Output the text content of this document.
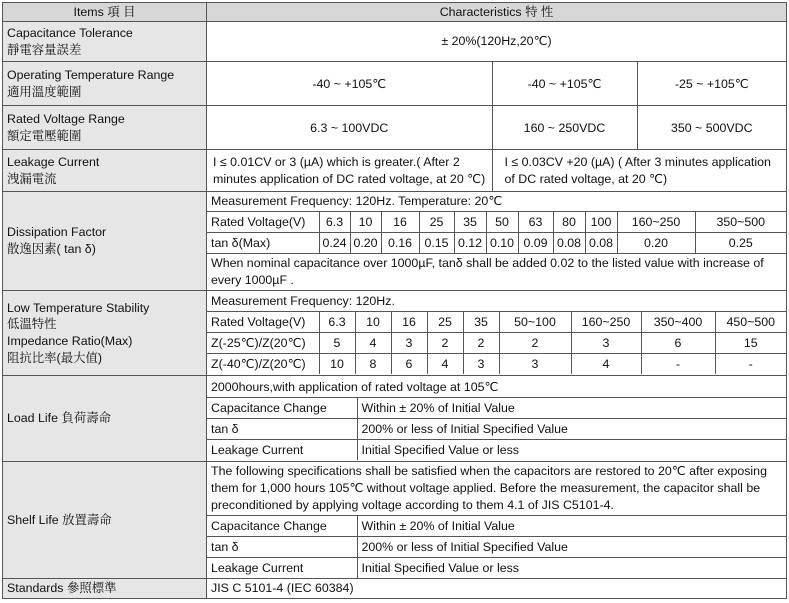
Items 項 目	Characteristics 特 性

Capacitance Tolerance
靜電容量誤差
	± 20%(120Hz,20℃)

Operating Temperature Range
適用溫度範圍

-40 ~ +105℃	-40 ~ +105℃	-25 ~ +105℃

Rated Voltage Range
額定電壓範圍

6.3 ~ 100VDC	160 ~ 250VDC	350 ~ 500VDC

Leakage Current
洩漏電流

I ≤ 0.01CV or 3 (µA) which is greater.( After 2 minutes application of DC rated voltage, at 20 ℃)	I ≤ 0.03CV +20 (µA) ( After 3 minutes application of DC rated voltage, at 20 ℃)

Dissipation Factor
散逸因素( tan δ)

Measurement Frequency: 120Hz. Temperature: 20℃
Rated Voltage(V)	6.3	10	16	25	35	50	63	80	100	160~250	350~500
tan δ(Max)	0.24	0.20	0.16	0.15	0.12	0.10	0.09	0.08	0.08	0.20	0.25
When nominal capacitance over 1000µF, tanδ shall be added 0.02 to the listed value with increase of every 1000µF .

Low Temperature Stability
低溫特性
Impedance Ratio(Max)
阻抗比率(最大值)

Measurement Frequency: 120Hz.
Rated Voltage(V)	6.3	10	16	25	35	50~100	160~250	350~400	450~500
Z(-25℃)/Z(20℃)	5	4	3	2	2	2	3	6	15
Z(-40℃)/Z(20℃)	10	8	6	4	3	3	4	-	-

Load Life 負荷壽命	
2000hours,with application of rated voltage at 105℃
Capacitance Change	Within ± 20% of Initial Value
tan δ	200% or less of Initial Specified Value
Leakage Current	Initial Specified Value or less

Shelf Life 放置壽命	
The following specifications shall be satisfied when the capacitors are restored to 20℃ after exposing them for 1,000 hours 105℃ without voltage applied. Before the measurement, the capacitor shall be preconditioned by applying voltage according to them 4.1 of JIS C5101-4.
Capacitance Change	Within ± 20% of Initial Value
tan δ	200% or less of Initial Specified Value
Leakage Current	Initial Specified Value or less

Standards 參照標準	JIS C 5101-4 (IEC 60384)
